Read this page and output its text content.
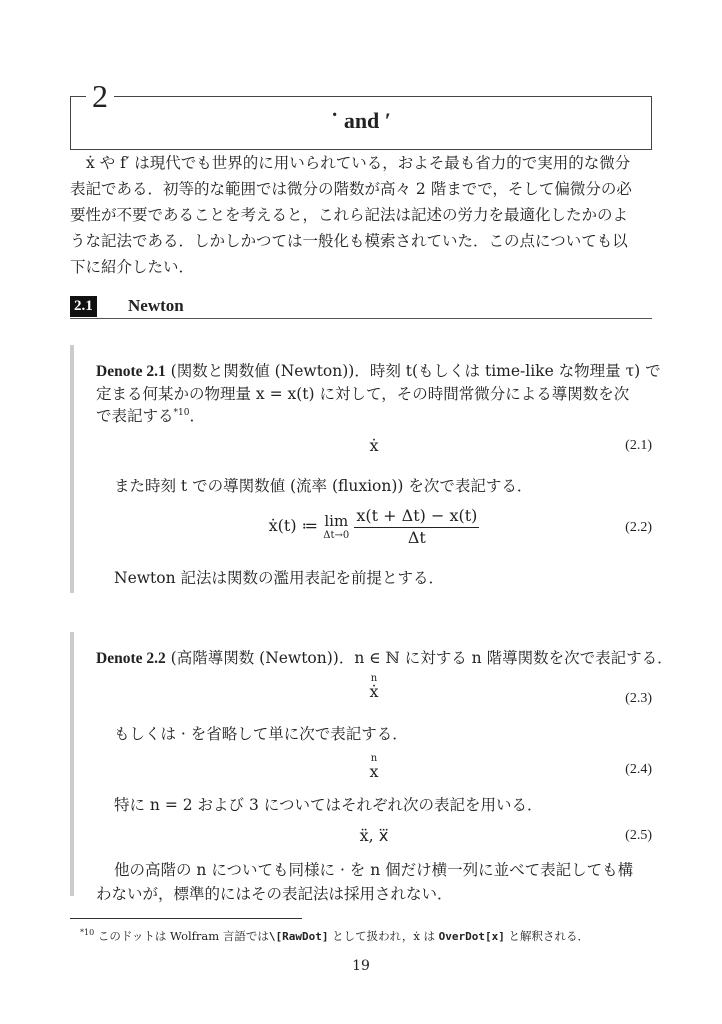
2
˙ and ′
ẋ や f′ は現代でも世界的に用いられている，およそ最も省力的で実用的な微分
表記である．初等的な範囲では微分の階数が高々 2 階までで，そして偏微分の必
要性が不要であることを考えると，これら記法は記述の労力を最適化したかのよ
うな記法である．しかしかつては一般化も模索されていた．この点についても以
下に紹介したい．
2.1 Newton
Denote 2.1 (関数と関数値 (Newton))．時刻 t(もしくは time-like な物理量 τ) で
定まる何某かの物理量 x = x(t) に対して，その時間常微分による導関数を次
で表記する$^{*10}$．
ẋ	(2.1)
また時刻 t での導関数値 (流率 (fluxion)) を次で表記する．
ẋ(t) ≔ lim
Δt→0
$\frac{x(t + \Delta t) - x(t)}{\Delta t}$	(2.2)
Newton 記法は関数の濫用表記を前提とする．
Denote 2.2 (高階導関数 (Newton))．n ∈ ℕ に対する n 階導関数を次で表記する．
n
ẋ	(2.3)
もしくは · を省略して単に次で表記する．
n
x	(2.4)
特に n = 2 および 3 についてはそれぞれ次の表記を用いる．
ẍ, x⃛	(2.5)
他の高階の n についても同様に · を n 個だけ横一列に並べて表記しても構
わないが，標準的にはその表記法は採用されない．
$^{*10}$ このドットは Wolfram 言語では\[RawDot] として扱われ，ẋ は OverDot[x] と解釈される．
19
